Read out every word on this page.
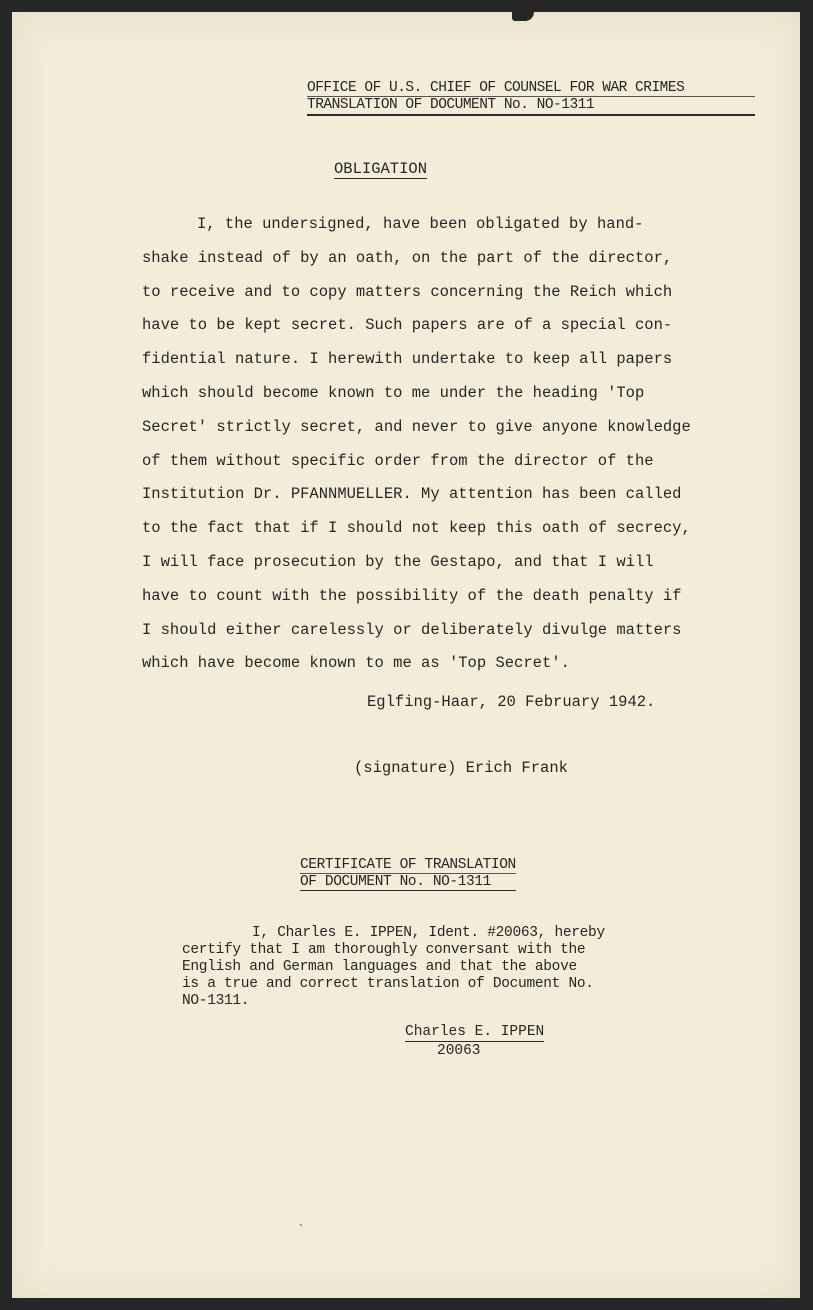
OFFICE OF U.S. CHIEF OF COUNSEL FOR WAR CRIMES
TRANSLATION OF DOCUMENT No. NO-1311
OBLIGATION
I, the undersigned, have been obligated by hand-
shake instead of by an oath, on the part of the director,
to receive and to copy matters concerning the Reich which
have to be kept secret. Such papers are of a special con-
fidential nature. I herewith undertake to keep all papers
which should become known to me under the heading 'Top
Secret' strictly secret, and never to give anyone knowledge
of them without specific order from the director of the
Institution Dr. PFANNMUELLER. My attention has been called
to the fact that if I should not keep this oath of secrecy,
I will face prosecution by the Gestapo, and that I will
have to count with the possibility of the death penalty if
I should either carelessly or deliberately divulge matters
which have become known to me as 'Top Secret'.
Eglfing-Haar, 20 February 1942.
(signature) Erich Frank
CERTIFICATE OF TRANSLATION
OF DOCUMENT No. NO-1311
I, Charles E. IPPEN, Ident. #20063, hereby
certify that I am thoroughly conversant with the
English and German languages and that the above
is a true and correct translation of Document No.
NO-1311.
Charles E. IPPEN
20063
